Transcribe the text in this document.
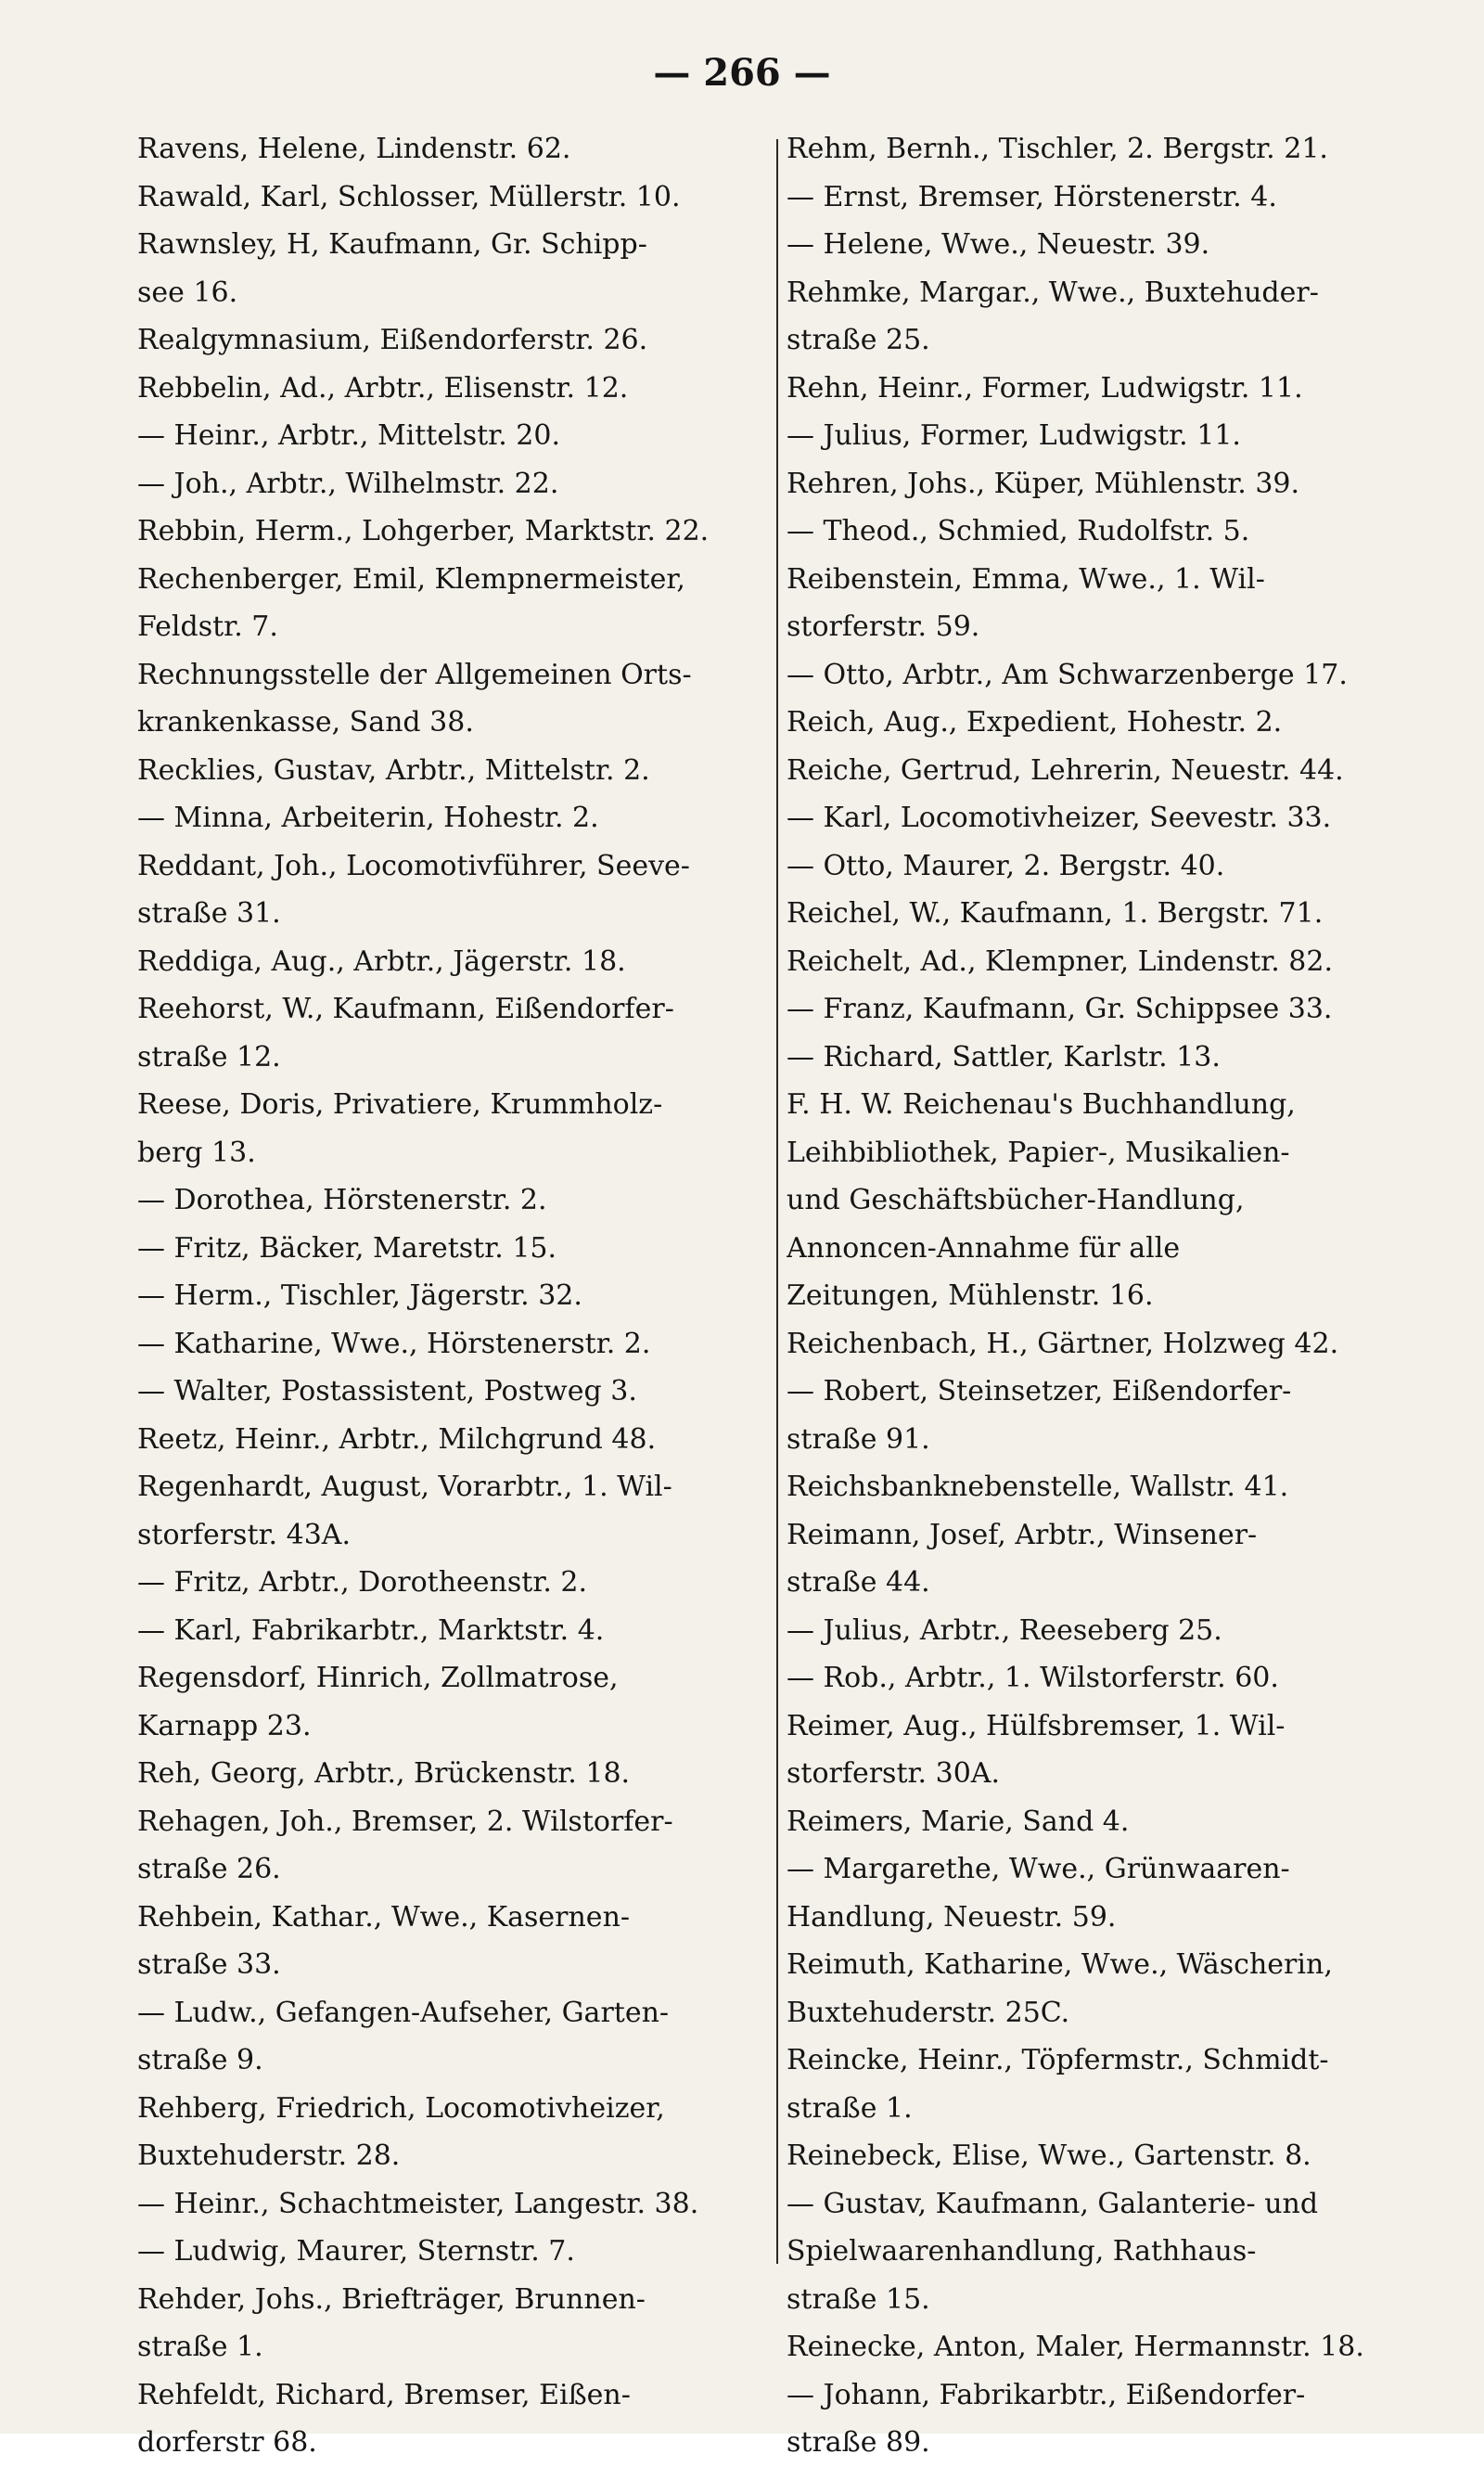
— 266 —
Ravens, Helene, Lindenstr. 62.
Rawald, Karl, Schlosser, Müllerstr. 10.
Rawnsley, H, Kaufmann, Gr. Schipp-
see 16.
Realgymnasium, Eißendorferstr. 26.
Rebbelin, Ad., Arbtr., Elisenstr. 12.
— Heinr., Arbtr., Mittelstr. 20.
— Joh., Arbtr., Wilhelmstr. 22.
Rebbin, Herm., Lohgerber, Marktstr. 22.
Rechenberger, Emil, Klempnermeister,
Feldstr. 7.
Rechnungsstelle der Allgemeinen Orts-
krankenkasse, Sand 38.
Recklies, Gustav, Arbtr., Mittelstr. 2.
— Minna, Arbeiterin, Hohestr. 2.
Reddant, Joh., Locomotivführer, Seeve-
straße 31.
Reddiga, Aug., Arbtr., Jägerstr. 18.
Reehorst, W., Kaufmann, Eißendorfer-
straße 12.
Reese, Doris, Privatiere, Krummholz-
berg 13.
— Dorothea, Hörstenerstr. 2.
— Fritz, Bäcker, Maretstr. 15.
— Herm., Tischler, Jägerstr. 32.
— Katharine, Wwe., Hörstenerstr. 2.
— Walter, Postassistent, Postweg 3.
Reetz, Heinr., Arbtr., Milchgrund 48.
Regenhardt, August, Vorarbtr., 1. Wil-
storferstr. 43A.
— Fritz, Arbtr., Dorotheenstr. 2.
— Karl, Fabrikarbtr., Marktstr. 4.
Regensdorf, Hinrich, Zollmatrose,
Karnapp 23.
Reh, Georg, Arbtr., Brückenstr. 18.
Rehagen, Joh., Bremser, 2. Wilstorfer-
straße 26.
Rehbein, Kathar., Wwe., Kasernen-
straße 33.
— Ludw., Gefangen-Aufseher, Garten-
straße 9.
Rehberg, Friedrich, Locomotivheizer,
Buxtehuderstr. 28.
— Heinr., Schachtmeister, Langestr. 38.
— Ludwig, Maurer, Sternstr. 7.
Rehder, Johs., Briefträger, Brunnen-
straße 1.
Rehfeldt, Richard, Bremser, Eißen-
dorferstr 68.
Rehm, Bernh., Tischler, 2. Bergstr. 21.
— Ernst, Bremser, Hörstenerstr. 4.
— Helene, Wwe., Neuestr. 39.
Rehmke, Margar., Wwe., Buxtehuder-
straße 25.
Rehn, Heinr., Former, Ludwigstr. 11.
— Julius, Former, Ludwigstr. 11.
Rehren, Johs., Küper, Mühlenstr. 39.
— Theod., Schmied, Rudolfstr. 5.
Reibenstein, Emma, Wwe., 1. Wil-
storferstr. 59.
— Otto, Arbtr., Am Schwarzenberge 17.
Reich, Aug., Expedient, Hohestr. 2.
Reiche, Gertrud, Lehrerin, Neuestr. 44.
— Karl, Locomotivheizer, Seevestr. 33.
— Otto, Maurer, 2. Bergstr. 40.
Reichel, W., Kaufmann, 1. Bergstr. 71.
Reichelt, Ad., Klempner, Lindenstr. 82.
— Franz, Kaufmann, Gr. Schippsee 33.
— Richard, Sattler, Karlstr. 13.
F. H. W. Reichenau's Buchhandlung,
Leihbibliothek, Papier-, Musikalien-
und Geschäftsbücher-Handlung,
Annoncen-Annahme für alle
Zeitungen, Mühlenstr. 16.
Reichenbach, H., Gärtner, Holzweg 42.
— Robert, Steinsetzer, Eißendorfer-
straße 91.
Reichsbanknebenstelle, Wallstr. 41.
Reimann, Josef, Arbtr., Winsener-
straße 44.
— Julius, Arbtr., Reeseberg 25.
— Rob., Arbtr., 1. Wilstorferstr. 60.
Reimer, Aug., Hülfsbremser, 1. Wil-
storferstr. 30A.
Reimers, Marie, Sand 4.
— Margarethe, Wwe., Grünwaaren-
Handlung, Neuestr. 59.
Reimuth, Katharine, Wwe., Wäscherin,
Buxtehuderstr. 25C.
Reincke, Heinr., Töpfermstr., Schmidt-
straße 1.
Reinebeck, Elise, Wwe., Gartenstr. 8.
— Gustav, Kaufmann, Galanterie- und
Spielwaarenhandlung, Rathhaus-
straße 15.
Reinecke, Anton, Maler, Hermannstr. 18.
— Johann, Fabrikarbtr., Eißendorfer-
straße 89.
